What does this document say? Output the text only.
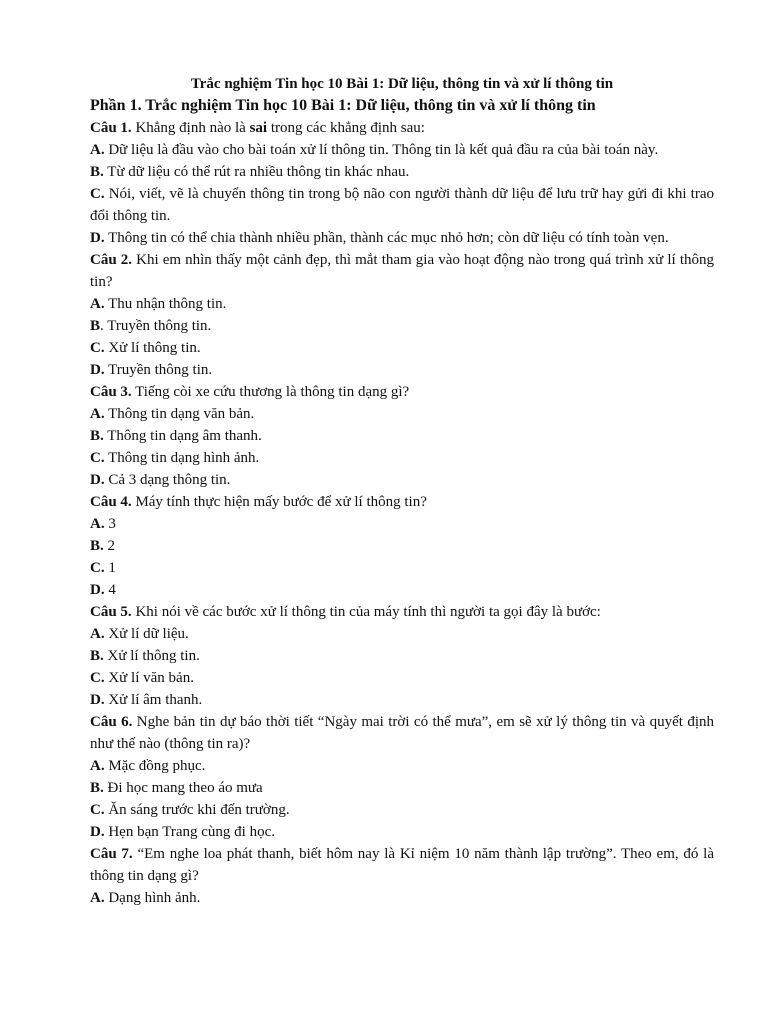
Trắc nghiệm Tin học 10 Bài 1: Dữ liệu, thông tin và xử lí thông tin

Phần 1. Trắc nghiệm Tin học 10 Bài 1: Dữ liệu, thông tin và xử lí thông tin

Câu 1. Khẳng định nào là sai trong các khẳng định sau:

A. Dữ liệu là đầu vào cho bài toán xử lí thông tin. Thông tin là kết quả đầu ra của bài toán này.

B. Từ dữ liệu có thể rút ra nhiều thông tin khác nhau.

C. Nói, viết, vẽ là chuyển thông tin trong bộ não con người thành dữ liệu để lưu trữ hay gửi đi khi trao đổi thông tin.

D. Thông tin có thể chia thành nhiều phần, thành các mục nhỏ hơn; còn dữ liệu có tính toàn vẹn.

Câu 2. Khi em nhìn thấy một cảnh đẹp, thì mắt tham gia vào hoạt động nào trong quá trình xử lí thông tin?

A. Thu nhận thông tin.

B. Truyền thông tin.

C. Xử lí thông tin.

D. Truyền thông tin.

Câu 3. Tiếng còi xe cứu thương là thông tin dạng gì?

A. Thông tin dạng văn bản.

B. Thông tin dạng âm thanh.

C. Thông tin dạng hình ảnh.

D. Cả 3 dạng thông tin.

Câu 4. Máy tính thực hiện mấy bước để xử lí thông tin?

A. 3

B. 2

C. 1

D. 4

Câu 5. Khi nói về các bước xử lí thông tin của máy tính thì người ta gọi đây là bước:

A. Xử lí dữ liệu.

B. Xử lí thông tin.

C. Xử lí văn bản.

D. Xử lí âm thanh.

Câu 6. Nghe bản tin dự báo thời tiết “Ngày mai trời có thể mưa”, em sẽ xử lý thông tin và quyết định như thế nào (thông tin ra)?

A. Mặc đồng phục.

B. Đi học mang theo áo mưa

C. Ăn sáng trước khi đến trường.

D. Hẹn bạn Trang cùng đi học.

Câu 7. “Em nghe loa phát thanh, biết hôm nay là Kỉ niệm 10 năm thành lập trường”. Theo em, đó là thông tin dạng gì?

A. Dạng hình ảnh.
